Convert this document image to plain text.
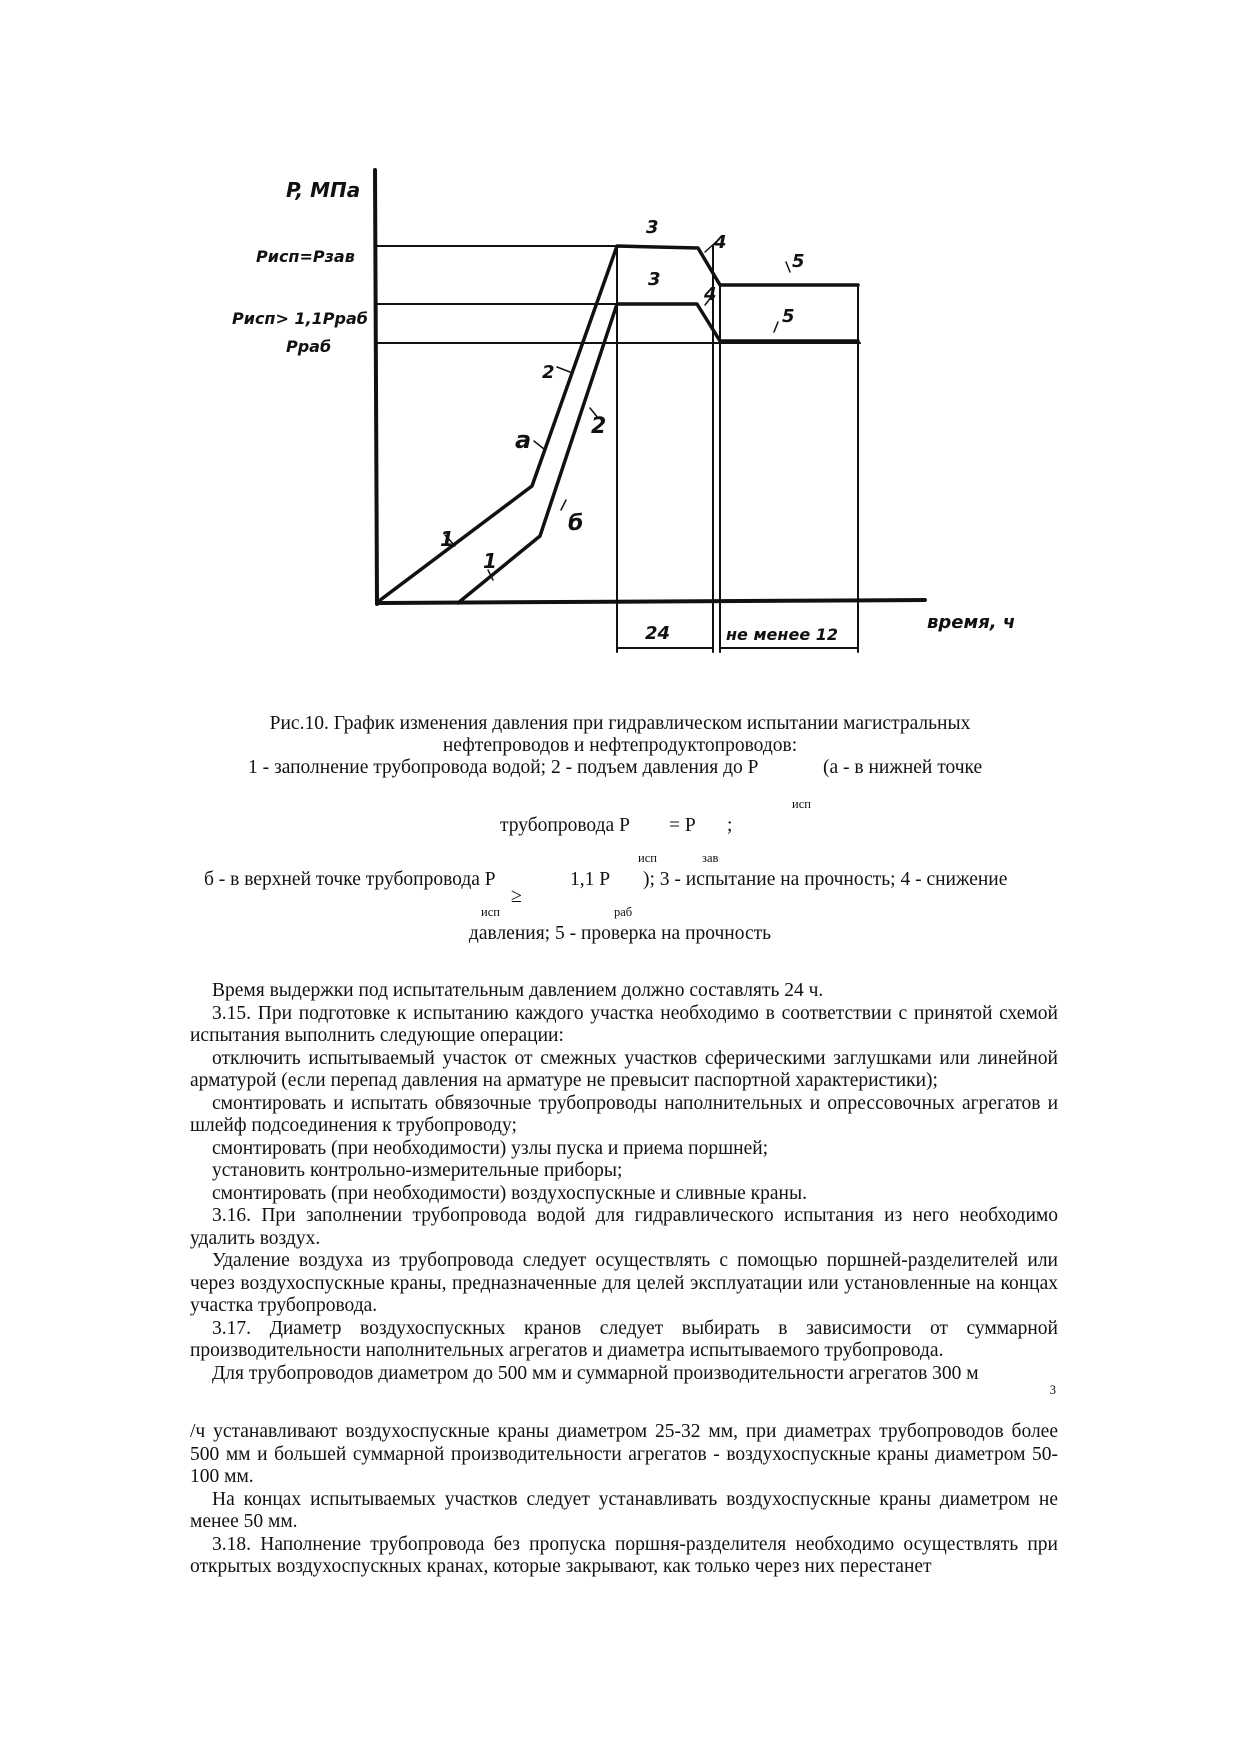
P, МПа
Pисп=Pзав
Pисп> 1,1Pраб
Pраб
3
3
4
4
5
5
2
2
а
б
1
1
время, ч
24	не менее 12
Рис.10. График изменения давления при гидравлическом испытании магистральных
нефтепроводов и нефтепродуктопроводов:
1 - заполнение трубопровода водой; 2 - подъем давления до P	(а - в нижней точке
исп
трубопровода P = P ;
исп	зав
б - в верхней точке трубопровода P	1,1 P ); 3 - испытание на прочность; 4 - снижение
≥
исп	раб
давления; 5 - проверка на прочность

Время выдержки под испытательным давлением должно составлять 24 ч.

3.15. При подготовке к испытанию каждого участка необходимо в соответствии с принятой схемой испытания выполнить следующие операции:

отключить испытываемый участок от смежных участков сферическими заглушками или линейной арматурой (если перепад давления на арматуре не превысит паспортной характеристики);

смонтировать и испытать обвязочные трубопроводы наполнительных и опрессовочных агрегатов и шлейф подсоединения к трубопроводу;

смонтировать (при необходимости) узлы пуска и приема поршней;

установить контрольно-измерительные приборы;

смонтировать (при необходимости) воздухоспускные и сливные краны.

3.16. При заполнении трубопровода водой для гидравлического испытания из него необходимо удалить воздух.

Удаление воздуха из трубопровода следует осуществлять с помощью поршней-разделителей или через воздухоспускные краны, предназначенные для целей эксплуатации или установленные на концах участка трубопровода.

3.17. Диаметр воздухоспускных кранов следует выбирать в зависимости от суммарной производительности наполнительных агрегатов и диаметра испытываемого трубопровода.

Для трубопроводов диаметром до 500 мм и суммарной производительности агрегатов 300 м

3

/ч устанавливают воздухоспускные краны диаметром 25-32 мм, при диаметрах трубопроводов более 500 мм и большей суммарной производительности агрегатов - воздухоспускные краны диаметром 50-100 мм.

На концах испытываемых участков следует устанавливать воздухоспускные краны диаметром не менее 50 мм.

3.18. Наполнение трубопровода без пропуска поршня-разделителя необходимо осуществлять при открытых воздухоспускных кранах, которые закрывают, как только через них перестанет
